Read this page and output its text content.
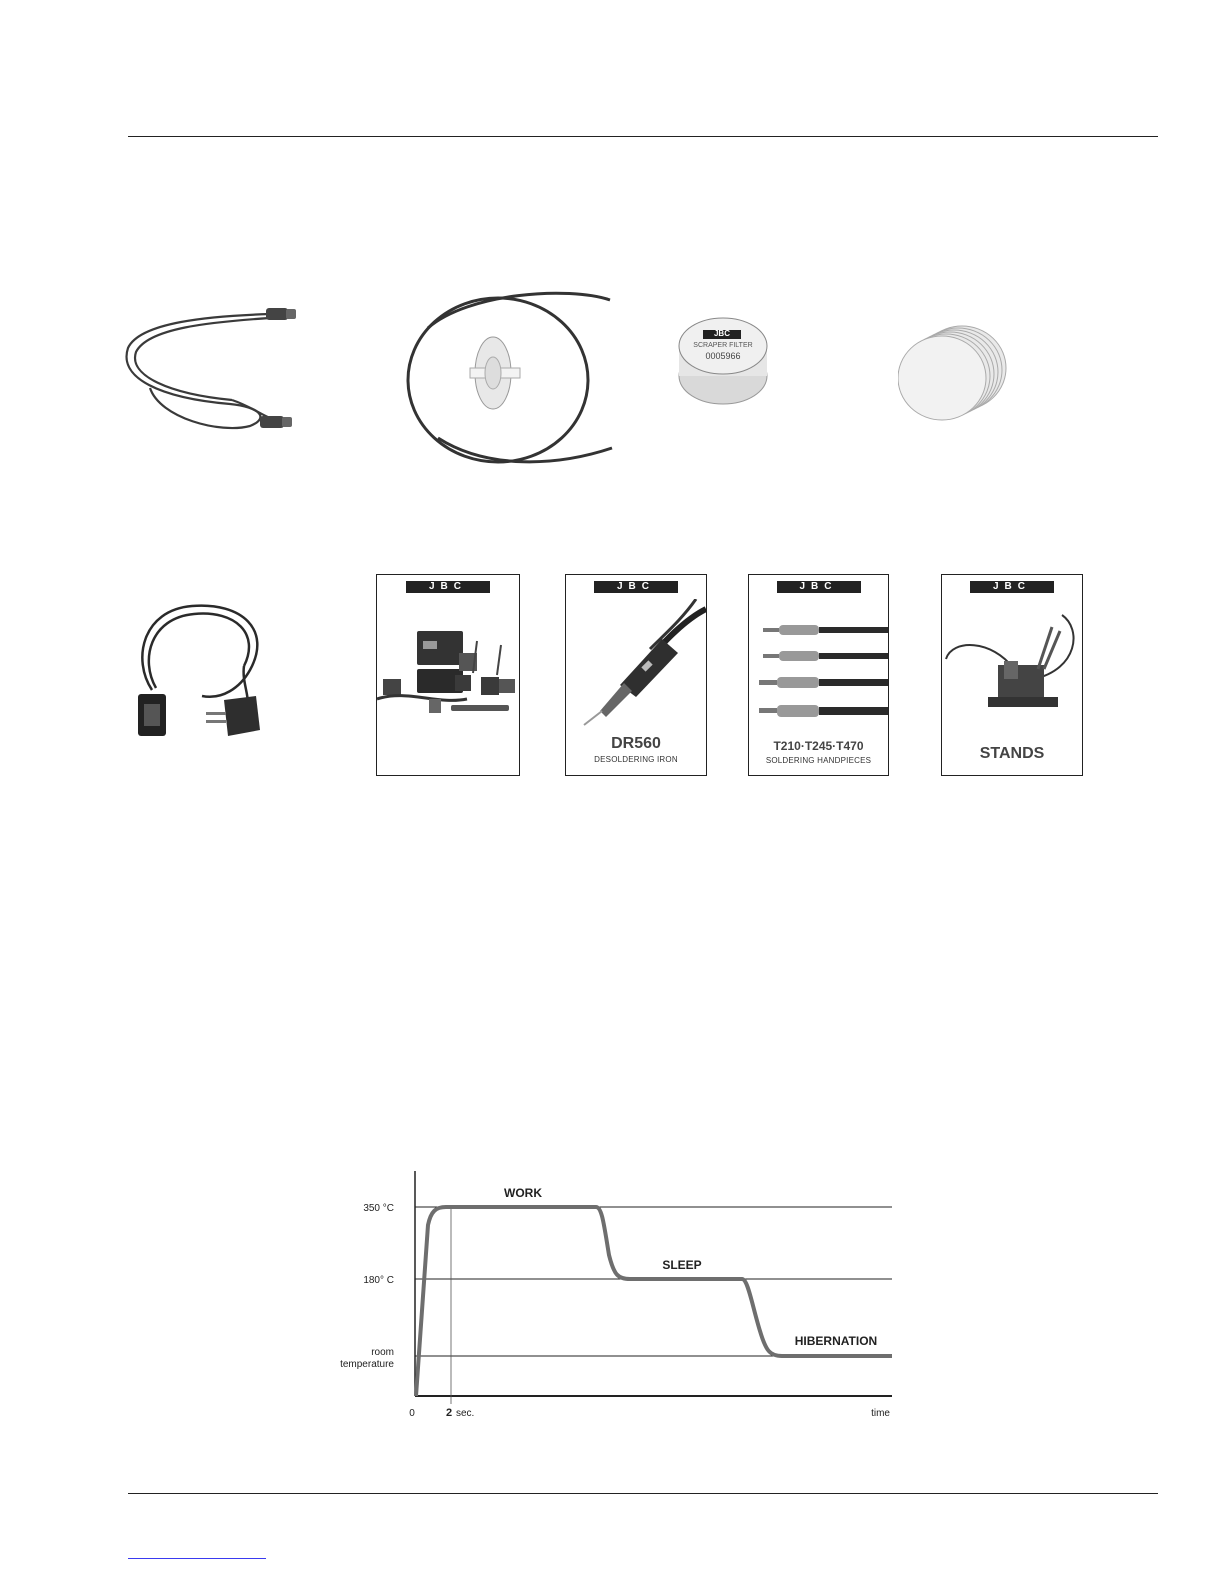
JBC
SCRAPER FILTER
0005966
JBC	JBC
DR560
DESOLDERING IRON
JBC
T210·T245·T470
SOLDERING HANDPIECES
JBC
STANDS
350 °C
180° C
room
temperature
0	2 sec.	time
WORK
SLEEP
HIBERNATION
